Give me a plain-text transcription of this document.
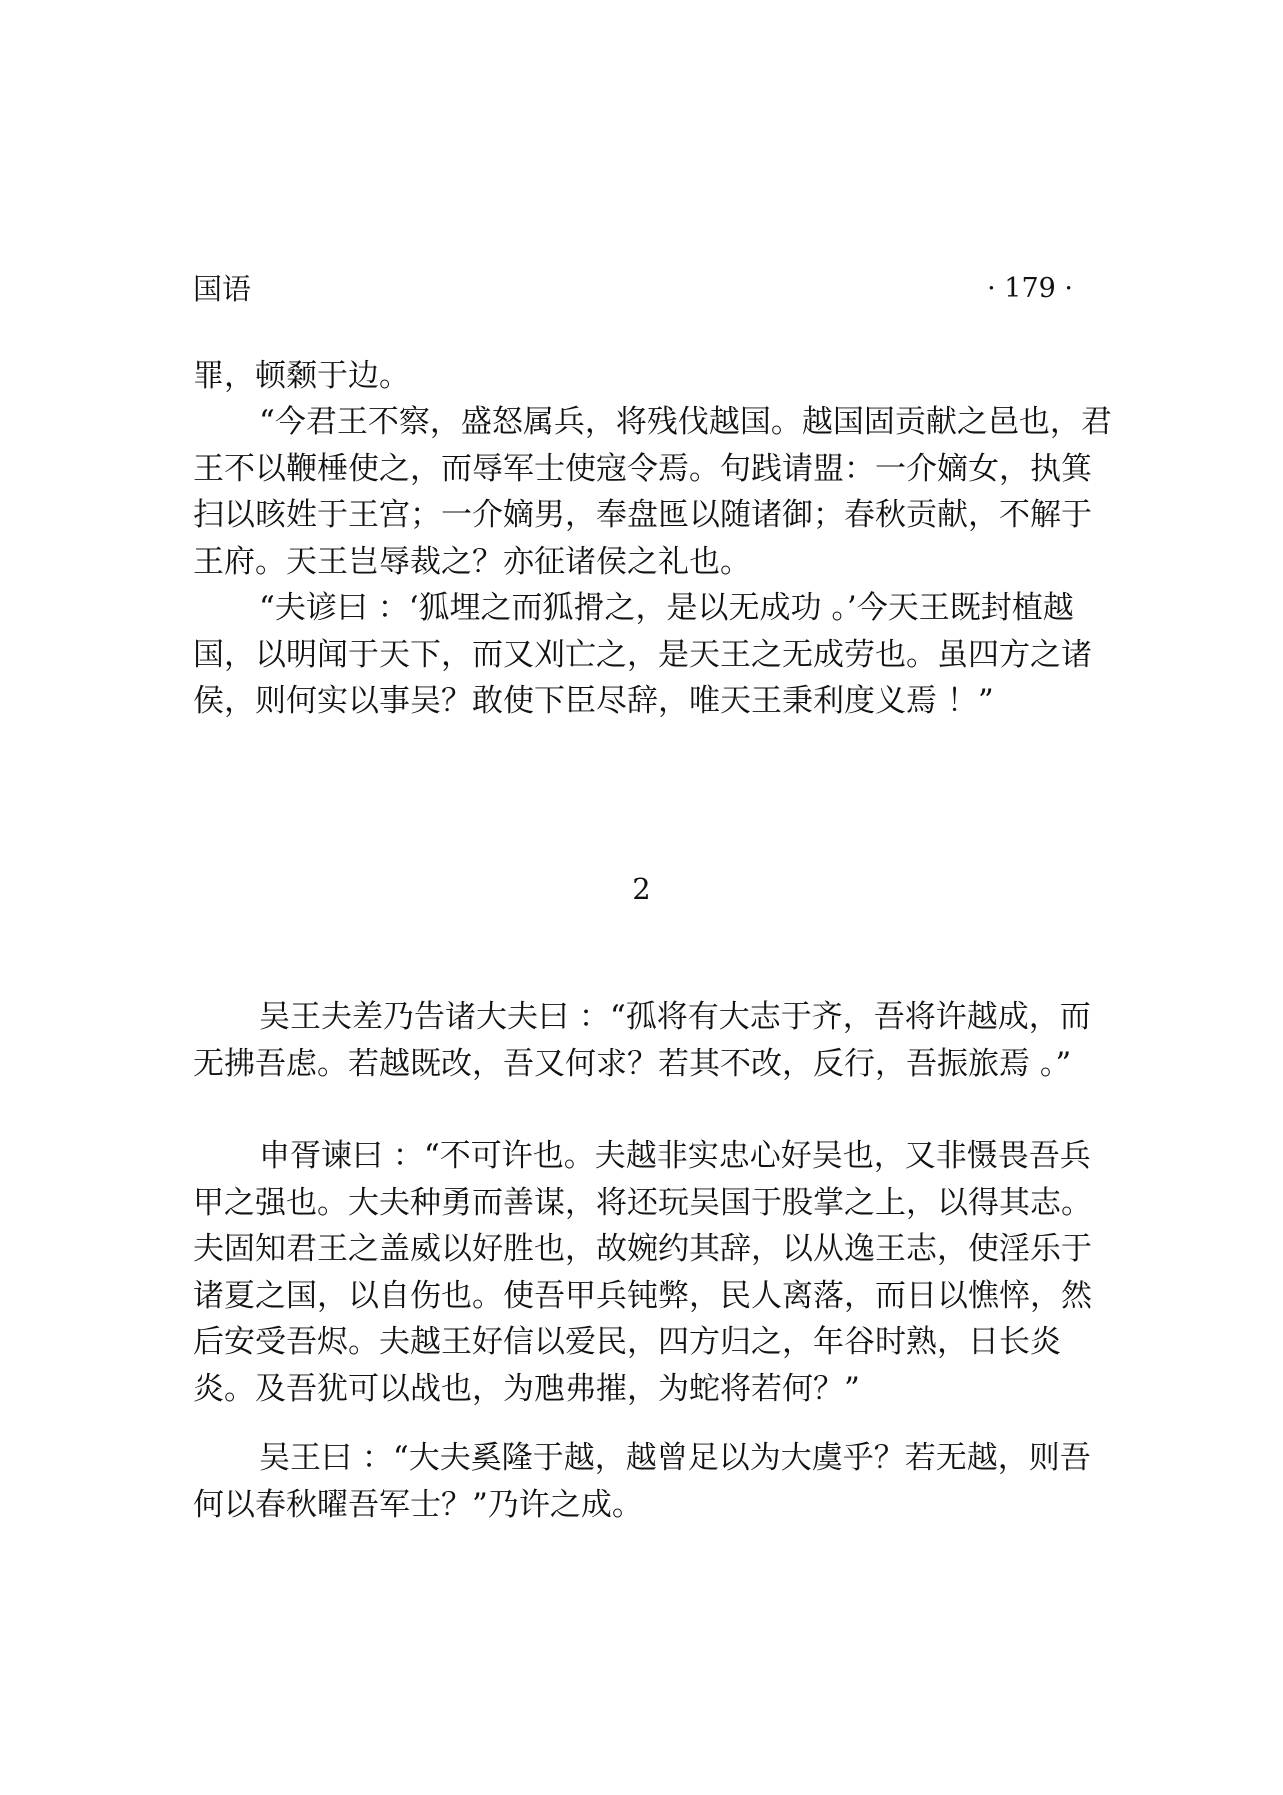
国语	· 179 ·

罪，顿颡于边。

“今君王不察，盛怒属兵，将残伐越国。越国固贡献之邑也，君王不以鞭棰使之，而辱军士使寇令焉。句践请盟：一介嫡女，执箕扫以晐姓于王宫；一介嫡男，奉盘匜以随诸御；春秋贡献，不解于王府。天王岂辱裁之？亦征诸侯之礼也。

“夫谚曰 ：‘狐埋之而狐搰之，是以无成功 。’今天王既封植越国，以明闻于天下，而又刈亡之，是天王之无成劳也。虽四方之诸侯，则何实以事吴？敢使下臣尽辞，唯天王秉利度义焉 ！”

2

吴王夫差乃告诸大夫曰 ：“孤将有大志于齐，吾将许越成，而无拂吾虑。若越既改，吾又何求？若其不改，反行，吾振旅焉 。”

申胥谏曰 ：“不可许也。夫越非实忠心好吴也，又非慑畏吾兵甲之强也。大夫种勇而善谋，将还玩吴国于股掌之上，以得其志。夫固知君王之盖威以好胜也，故婉约其辞，以从逸王志，使淫乐于诸夏之国，以自伤也。使吾甲兵钝弊，民人离落，而日以憔悴，然后安受吾烬。夫越王好信以爱民，四方归之，年谷时熟，日长炎炎。及吾犹可以战也，为虺弗摧，为蛇将若何？”

吴王曰 ：“大夫奚隆于越，越曾足以为大虞乎？若无越，则吾何以春秋曜吾军士？”乃许之成。
